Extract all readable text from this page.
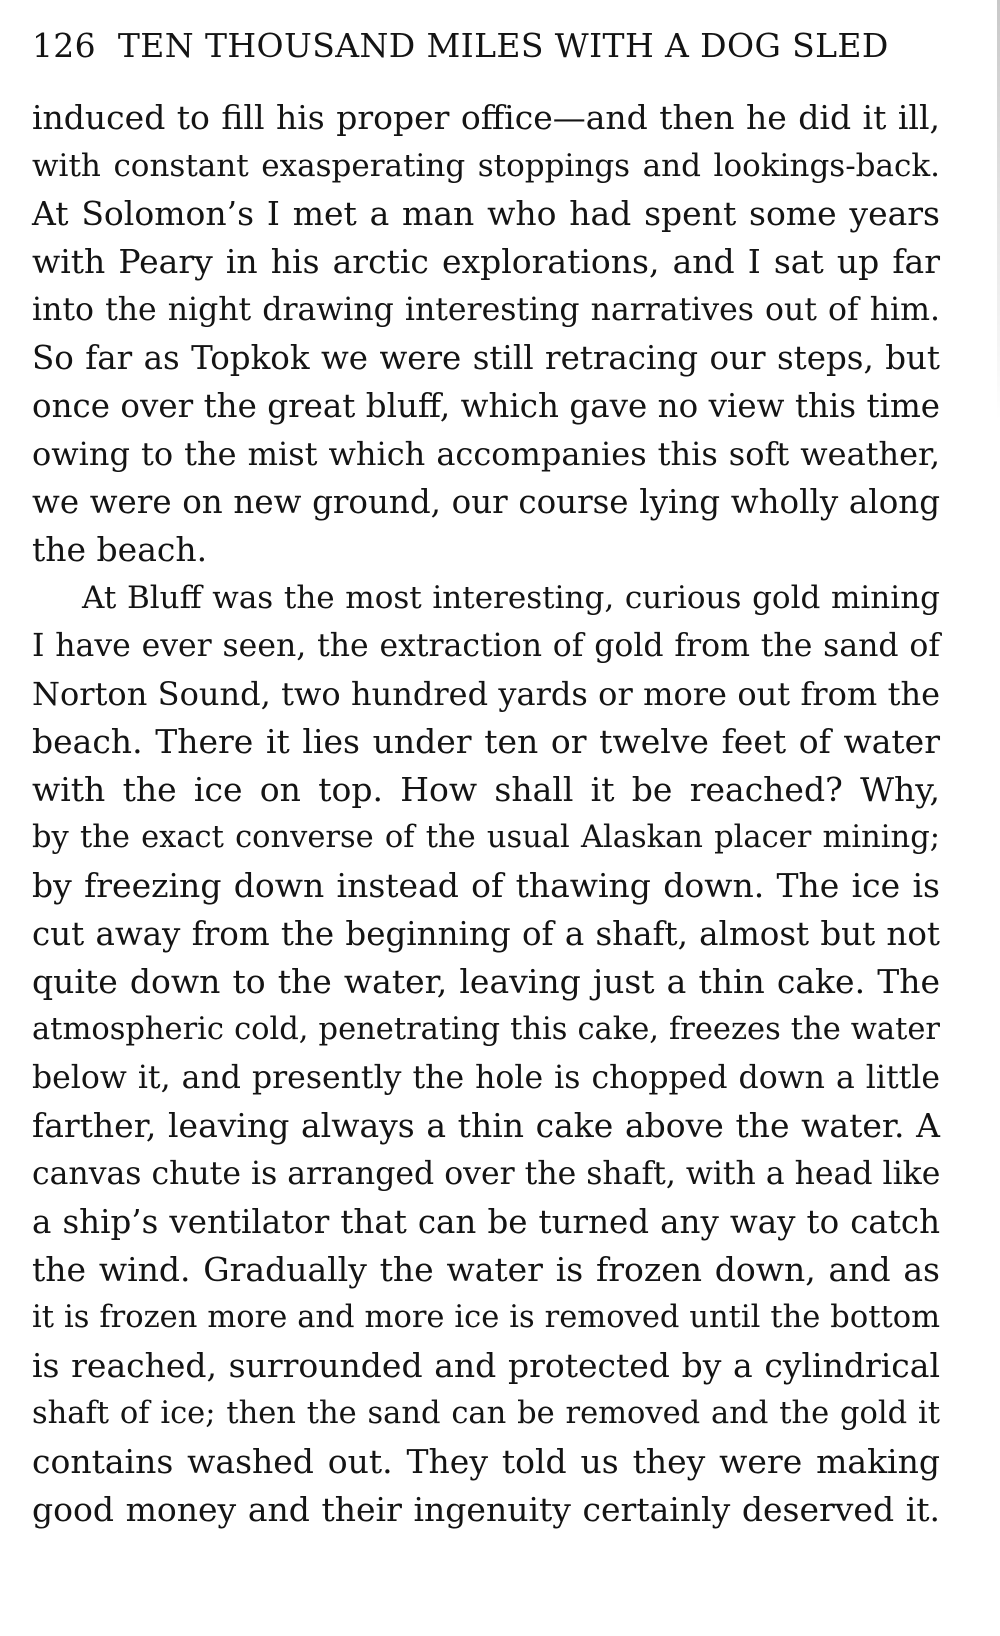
126 TEN THOUSAND MILES WITH A DOG SLED

induced to fill his proper office—and then he did it ill,
with constant exasperating stoppings and lookings-back.
At Solomon’s I met a man who had spent some years
with Peary in his arctic explorations, and I sat up far
into the night drawing interesting narratives out of him.
So far as Topkok we were still retracing our steps, but
once over the great bluff, which gave no view this time
owing to the mist which accompanies this soft weather,
we were on new ground, our course lying wholly along
the beach.

At Bluff was the most interesting, curious gold mining
I have ever seen, the extraction of gold from the sand of
Norton Sound, two hundred yards or more out from the
beach. There it lies under ten or twelve feet of water
with the ice on top. How shall it be reached? Why,
by the exact converse of the usual Alaskan placer mining;
by freezing down instead of thawing down. The ice is
cut away from the beginning of a shaft, almost but not
quite down to the water, leaving just a thin cake. The
atmospheric cold, penetrating this cake, freezes the water
below it, and presently the hole is chopped down a little
farther, leaving always a thin cake above the water. A
canvas chute is arranged over the shaft, with a head like
a ship’s ventilator that can be turned any way to catch
the wind. Gradually the water is frozen down, and as
it is frozen more and more ice is removed until the bottom
is reached, surrounded and protected by a cylindrical
shaft of ice; then the sand can be removed and the gold it
contains washed out. They told us they were making
good money and their ingenuity certainly deserved it.
